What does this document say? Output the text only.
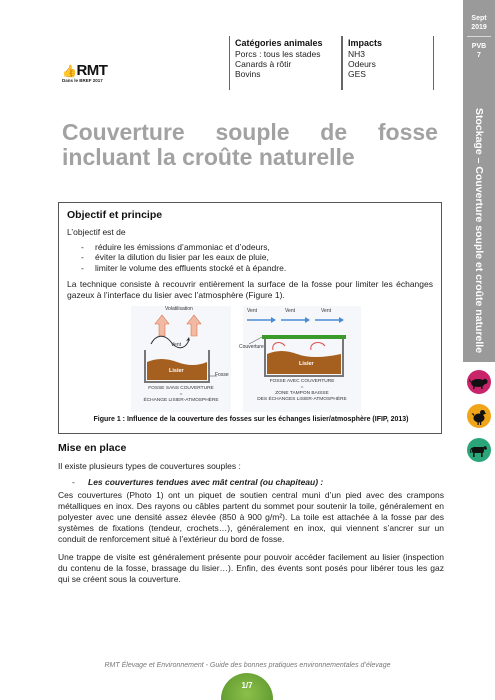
Sept
2019
PVB
7
Stockage – Couverture souple et croûte naturelle
👍RMT
Dans le BREF 2017
Catégories animales
Porcs : tous les stades
Canards à rôtir
Bovins
Impacts
NH3
Odeurs
GES
Couverture souple de fosse
incluant la croûte naturelle
Objectif et principe
L’objectif est de
-	réduire les émissions d’ammoniac et d’odeurs,
-	éviter la dilution du lisier par les eaux de pluie,
-	limiter le volume des effluents stocké et à épandre.
La technique consiste à recouvrir entièrement la surface de la fosse pour limiter les échanges gazeux à l’interface du lisier avec l’atmosphère (Figure 1).
Volatilisation
Vent
Lisier
Fosse
FOSSE SANS COUVERTURE
=
ÉCHANGE LISIER-ATMOSPHÈRE
Vent	Vent	Vent
Couverture
Lisier
FOSSE AVEC COUVERTURE
=
ZONE TAMPON BAISSE
DES ÉCHANGES LISIER-ATMOSPHÈRE
Figure 1 : Influence de la couverture des fosses sur les échanges lisier/atmosphère (IFIP, 2013)
Mise en place
Il existe plusieurs types de couvertures souples :
- Les couvertures tendues avec mât central (ou chapiteau) :
Ces couvertures (Photo 1) ont un piquet de soutien central muni d’un pied avec des crampons métalliques en inox. Des rayons ou câbles partent du sommet pour soutenir la toile, généralement en polyester avec une densité assez élevée (850 à 900 g/m²). La toile est attachée à la fosse par des systèmes de fixations (tendeur, crochets…), généralement en inox, qui viennent s’ancrer sur un conduit de renforcement situé à l’extérieur du bord de fosse.
Une trappe de visite est généralement présente pour pouvoir accéder facilement au lisier (inspection du contenu de la fosse, brassage du lisier…). Enfin, des évents sont posés pour libérer tous les gaz qui se créent sous la couverture.
RMT Élevage et Environnement - Guide des bonnes pratiques environnementales d’élevage
1/7
